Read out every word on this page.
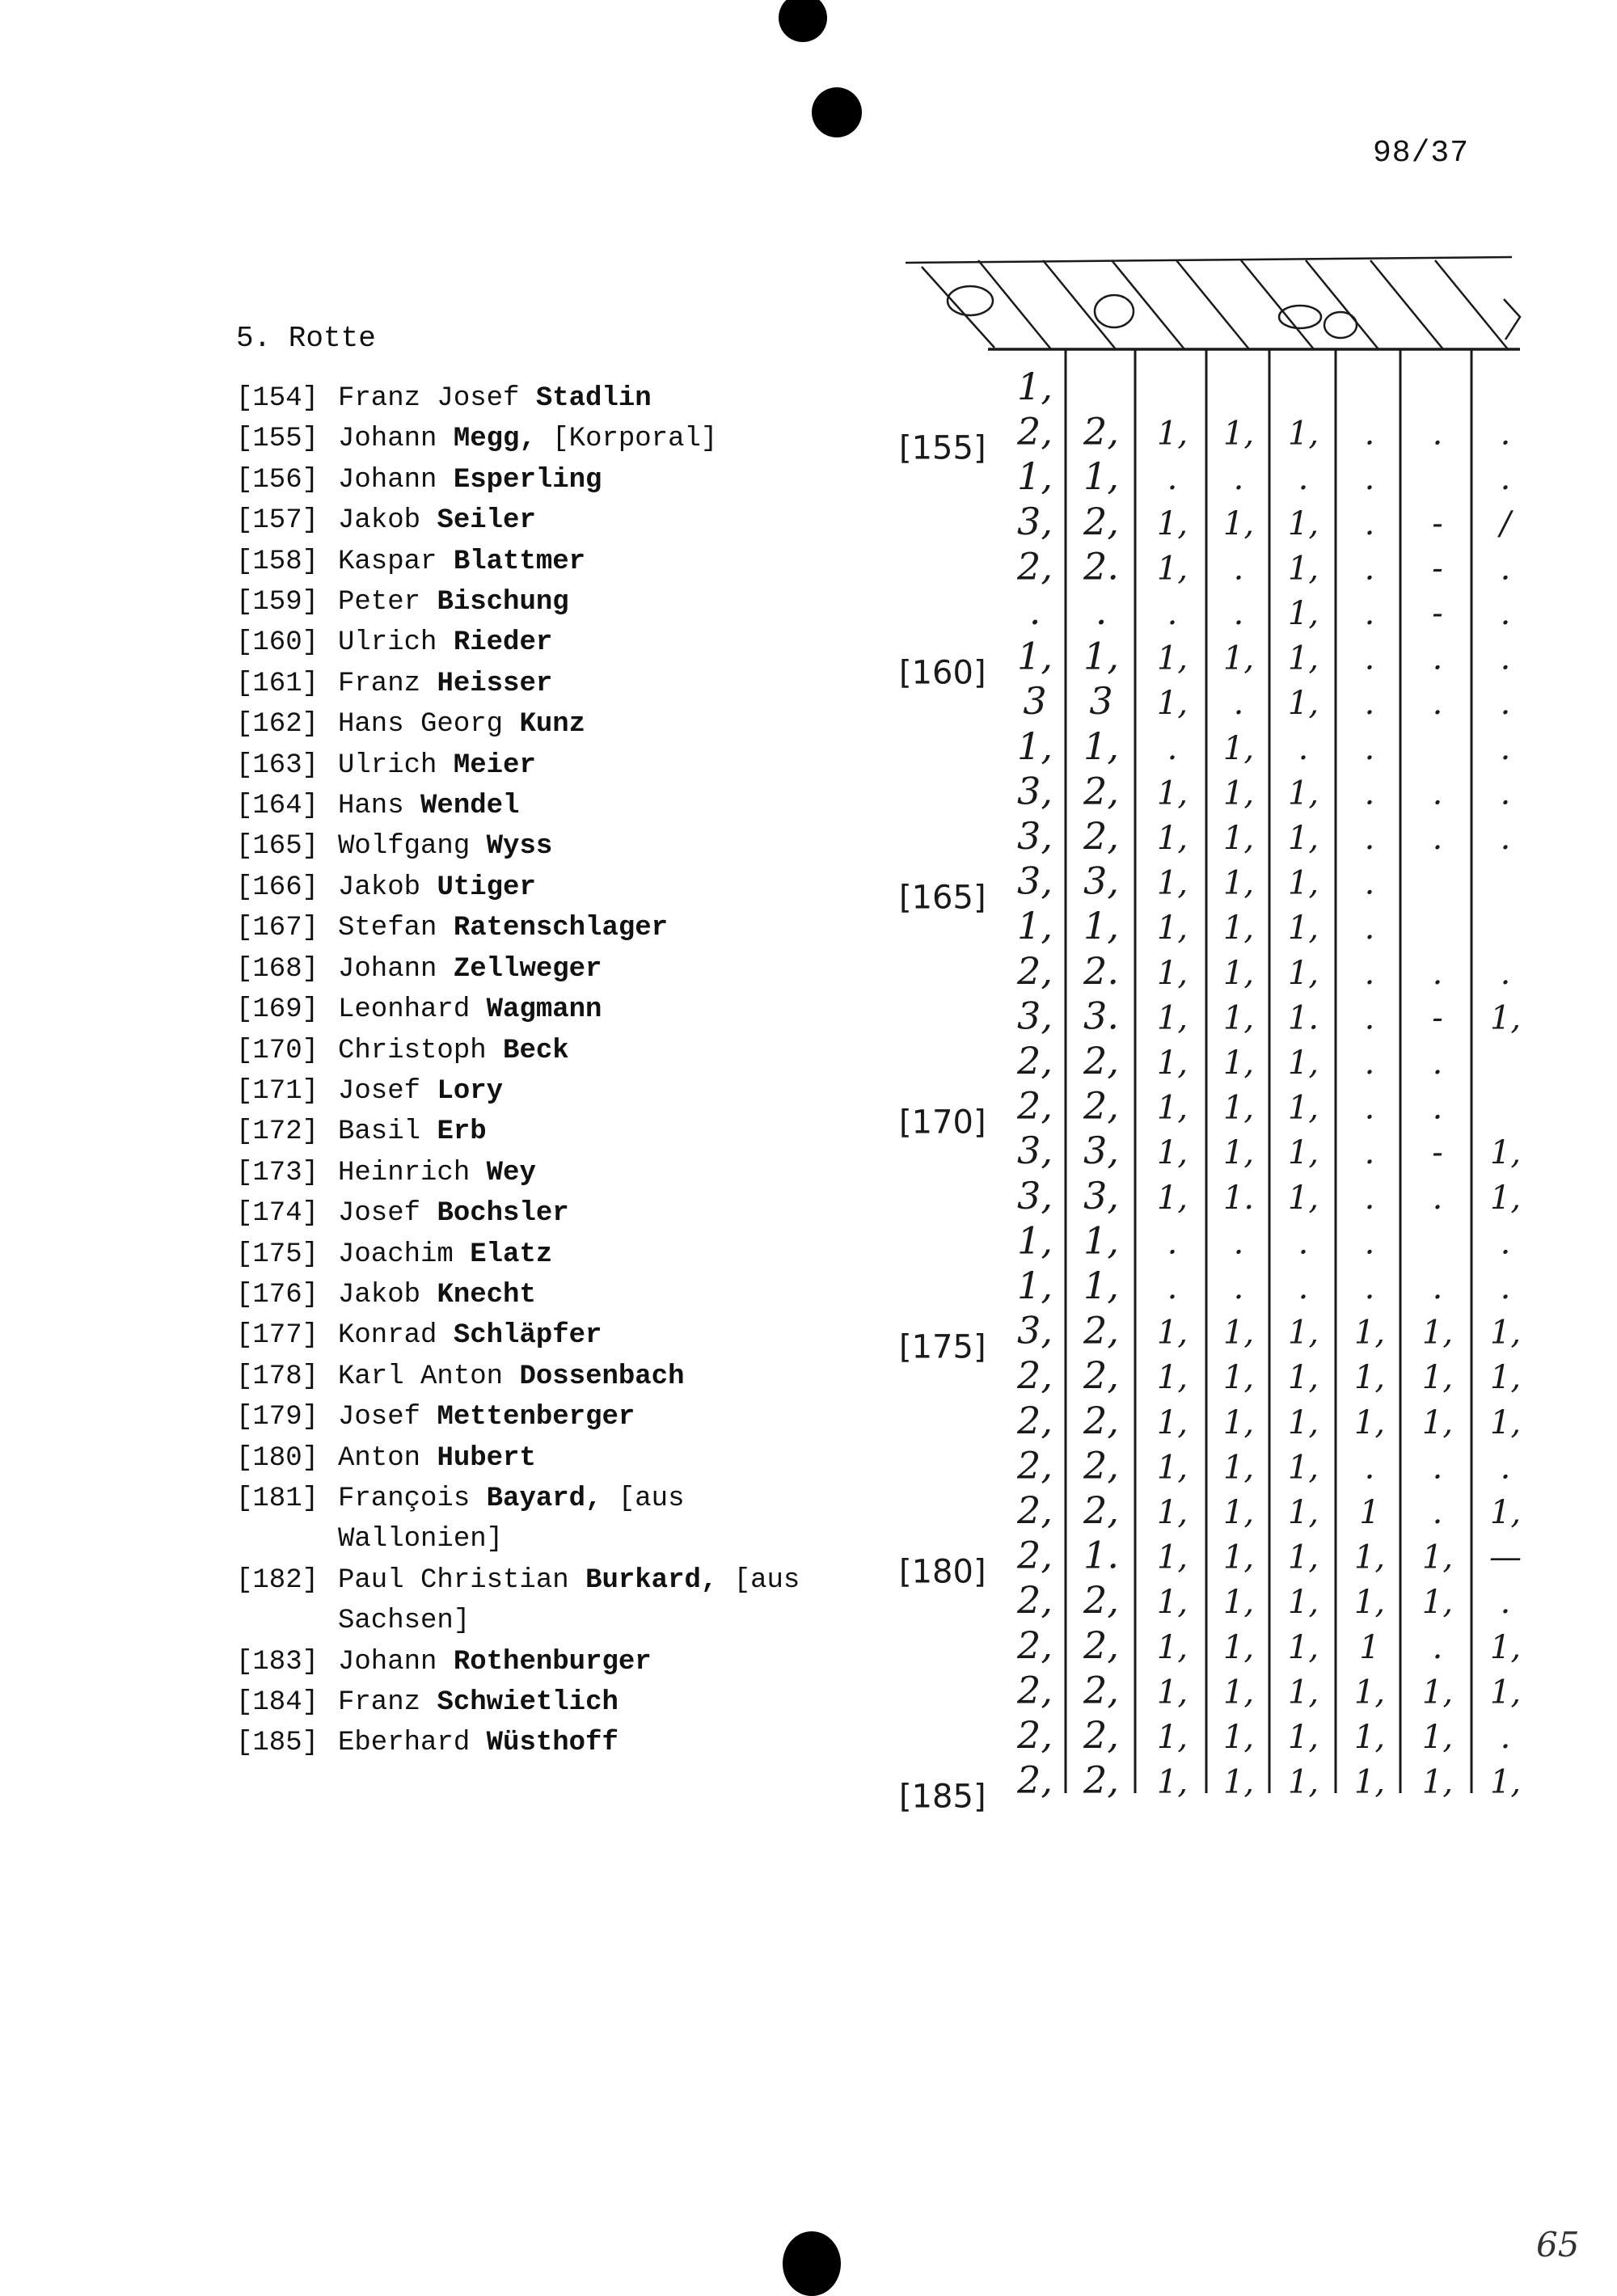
98/37
5. Rotte
[154] Franz Josef Stadlin
[155] Johann Megg, [Korporal]
[156] Johann Esperling
[157] Jakob Seiler
[158] Kaspar Blattmer
[159] Peter Bischung
[160] Ulrich Rieder
[161] Franz Heisser
[162] Hans Georg Kunz
[163] Ulrich Meier
[164] Hans Wendel
[165] Wolfgang Wyss
[166] Jakob Utiger
[167] Stefan Ratenschlager
[168] Johann Zellweger
[169] Leonhard Wagmann
[170] Christoph Beck
[171] Josef Lory
[172] Basil Erb
[173] Heinrich Wey
[174] Josef Bochsler
[175] Joachim Elatz
[176] Jakob Knecht
[177] Konrad Schläpfer
[178] Karl Anton Dossenbach
[179] Josef Mettenberger
[180] Anton Hubert
[181] François Bayard, [aus
Wallonien]
[182] Paul Christian Burkard, [aus
Sachsen]
[183] Johann Rothenburger
[184] Franz Schwietlich
[185] Eberhard Wüsthoff
1,
2, 2, 1, 1, 1, . . .
1, 1, . . . .	.
3, 2, 1, 1, 1, . - /
2, 2. 1, . 1, . - .
. . . . 1, . - .
1, 1, 1, 1, 1, . . .
3 3 1, . 1, . . .
1, 1, . 1, . .	.
3, 2, 1, 1, 1, . . .
3, 2, 1, 1, 1, . . .
3, 3, 1, 1, 1, .
1, 1, 1, 1, 1, .
2, 2. 1, 1, 1, . . .
3, 3. 1, 1, 1. . - 1,
2, 2, 1, 1, 1, . .
2, 2, 1, 1, 1, . .
3, 3, 1, 1, 1, . - 1,
3, 3, 1, 1. 1, . . 1,
1, 1, . . . .	.
1, 1, . . . . . .
3, 2, 1, 1, 1, 1, 1, 1,
2, 2, 1, 1, 1, 1, 1, 1,
2, 2, 1, 1, 1, 1, 1, 1,
2, 2, 1, 1, 1, . . .
2, 2, 1, 1, 1, 1 . 1,
2, 1. 1, 1, 1, 1, 1, —
2, 2, 1, 1, 1, 1, 1, .
2, 2, 1, 1, 1, 1 . 1,
2, 2, 1, 1, 1, 1, 1, 1,
2, 2, 1, 1, 1, 1, 1, .
2, 2, 1, 1, 1, 1, 1, 1,
[155]
[160]
[165]
[170]
[175]
[180]
[185]
65
